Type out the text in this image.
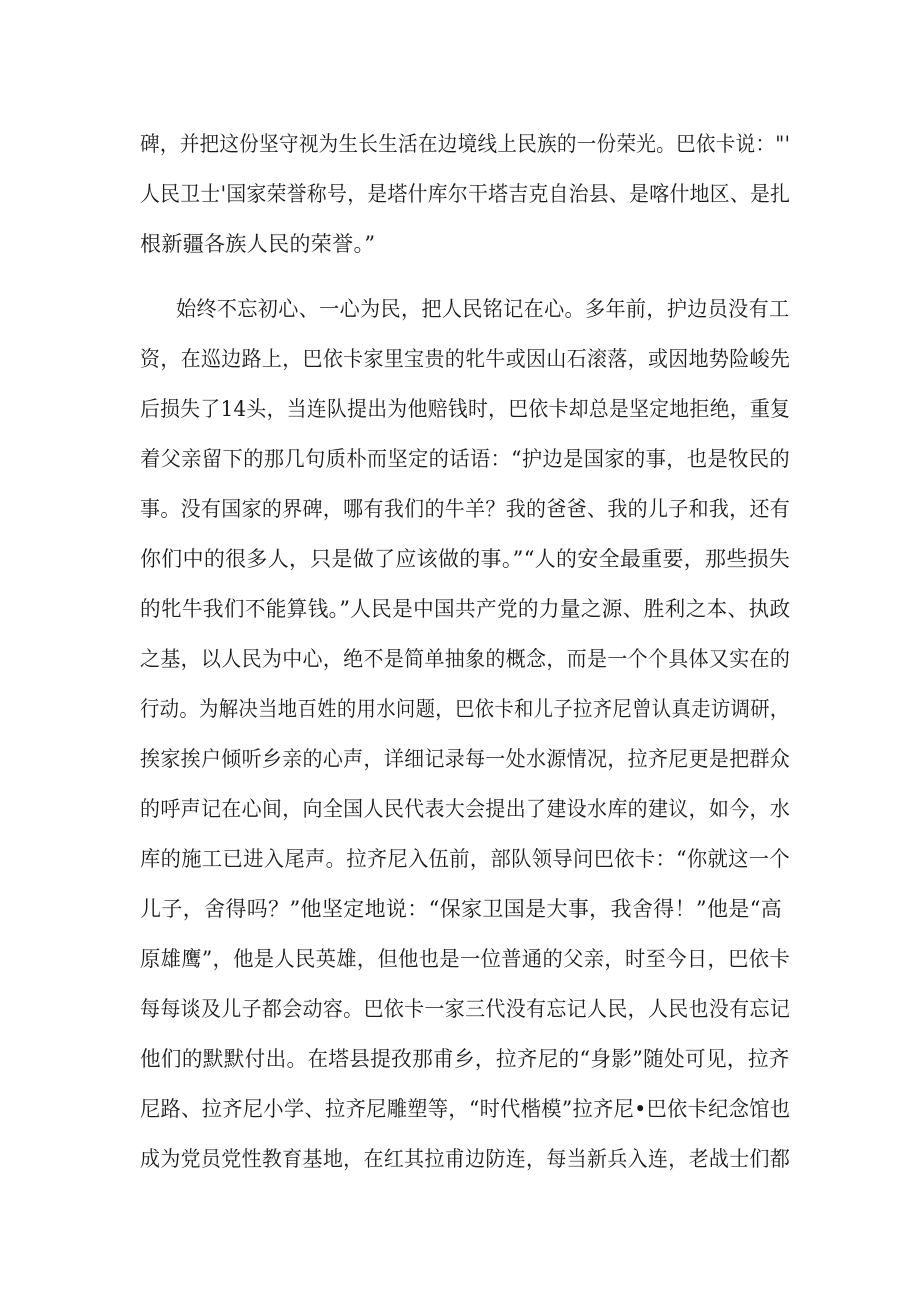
碑，并把这份坚守视为生长生活在边境线上民族的一份荣光。巴依卡说："'
人民卫士'国家荣誉称号，是塔什库尔干塔吉克自治县、是喀什地区、是扎
根新疆各族人民的荣誉。”
始终不忘初心、一心为民，把人民铭记在心。多年前，护边员没有工
资，在巡边路上，巴依卡家里宝贵的牝牛或因山石滚落，或因地势险峻先
后损失了14头，当连队提出为他赔钱时，巴依卡却总是坚定地拒绝，重复
着父亲留下的那几句质朴而坚定的话语：“护边是国家的事，也是牧民的
事。没有国家的界碑，哪有我们的牛羊？我的爸爸、我的儿子和我，还有
你们中的很多人，只是做了应该做的事。”“人的安全最重要，那些损失
的牝牛我们不能算钱。”人民是中国共产党的力量之源、胜利之本、执政
之基，以人民为中心，绝不是简单抽象的概念，而是一个个具体又实在的
行动。为解决当地百姓的用水问题，巴依卡和儿子拉齐尼曾认真走访调研，
挨家挨户倾听乡亲的心声，详细记录每一处水源情况，拉齐尼更是把群众
的呼声记在心间，向全国人民代表大会提出了建设水库的建议，如今，水
库的施工已进入尾声。拉齐尼入伍前，部队领导问巴依卡：“你就这一个
儿子，舍得吗？”他坚定地说：“保家卫国是大事，我舍得！”他是“高
原雄鹰”，他是人民英雄，但他也是一位普通的父亲，时至今日，巴依卡
每每谈及儿子都会动容。巴依卡一家三代没有忘记人民，人民也没有忘记
他们的默默付出。在塔县提孜那甫乡，拉齐尼的“身影”随处可见，拉齐
尼路、拉齐尼小学、拉齐尼雕塑等，“时代楷模”拉齐尼•巴依卡纪念馆也
成为党员党性教育基地，在红其拉甫边防连，每当新兵入连，老战士们都
